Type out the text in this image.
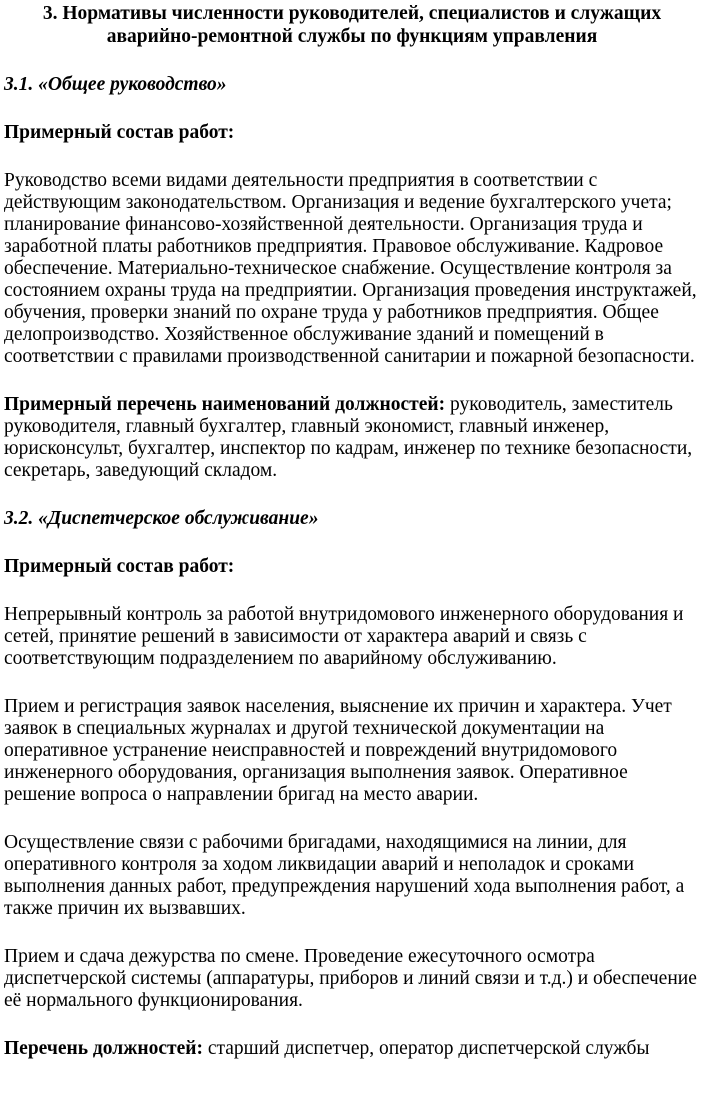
3. Нормативы численности руководителей, специалистов и служащих аварийно-ремонтной службы по функциям управления
3.1. «Общее руководство»
Примерный состав работ:

Руководство всеми видами деятельности предприятия в соответствии с действующим законодательством. Организация и ведение бухгалтерского учета; планирование финансово-хозяйственной деятельности. Организация труда и заработной платы работников предприятия. Правовое обслуживание. Кадровое обеспечение. Материально-техническое снабжение. Осуществление контроля за состоянием охраны труда на предприятии. Организация проведения инструктажей, обучения, проверки знаний по охране труда у работников предприятия. Общее делопроизводство. Хозяйственное обслуживание зданий и помещений в соответствии с правилами производственной санитарии и пожарной безопасности.

Примерный перечень наименований должностей: руководитель, заместитель руководителя, главный бухгалтер, главный экономист, главный инженер, юрисконсульт, бухгалтер, инспектор по кадрам, инженер по технике безопасности, секретарь, заведующий складом.

3.2. «Диспетчерское обслуживание»
Примерный состав работ:

Непрерывный контроль за работой внутридомового инженерного оборудования и сетей, принятие решений в зависимости от характера аварий и связь с соответствующим подразделением по аварийному обслуживанию.

Прием и регистрация заявок населения, выяснение их причин и характера. Учет заявок в специальных журналах и другой технической документации на оперативное устранение неисправностей и повреждений внутридомового инженерного оборудования, организация выполнения заявок. Оперативное решение вопроса о направлении бригад на место аварии.

Осуществление связи с рабочими бригадами, находящимися на линии, для оперативного контроля за ходом ликвидации аварий и неполадок и сроками выполнения данных работ, предупреждения нарушений хода выполнения работ, а также причин их вызвавших.

Прием и сдача дежурства по смене. Проведение ежесуточного осмотра диспетчерской системы (аппаратуры, приборов и линий связи и т.д.) и обеспечение её нормального функционирования.

Перечень должностей: старший диспетчер, оператор диспетчерской службы
